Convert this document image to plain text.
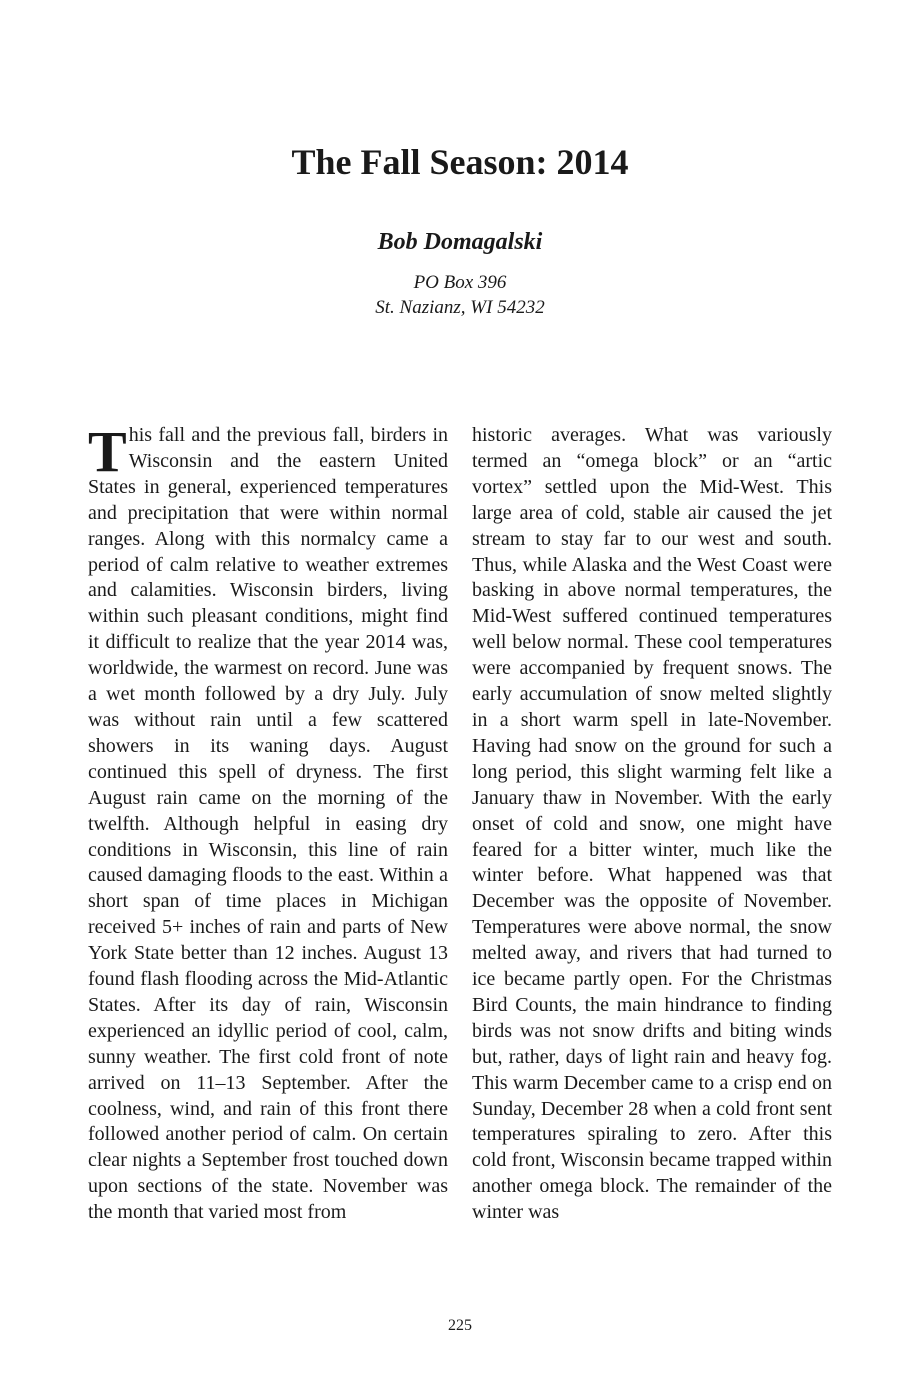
The Fall Season: 2014
Bob Domagalski

PO Box 396

St. Nazianz, WI 54232

This fall and the previous fall, birders in Wisconsin and the eastern United States in general, experienced temperatures and precipitation that were within normal ranges. Along with this normalcy came a period of calm relative to weather extremes and calamities. Wisconsin birders, living within such pleasant conditions, might find it difficult to realize that the year 2014 was, worldwide, the warmest on record. June was a wet month followed by a dry July. July was without rain until a few scattered showers in its waning days. August continued this spell of dryness. The first August rain came on the morning of the twelfth. Although helpful in easing dry conditions in Wisconsin, this line of rain caused damaging floods to the east. Within a short span of time places in Michigan received 5+ inches of rain and parts of New York State better than 12 inches. August 13 found flash flooding across the Mid-Atlantic States. After its day of rain, Wisconsin experienced an idyllic period of cool, calm, sunny weather. The first cold front of note arrived on 11–13 September. After the coolness, wind, and rain of this front there followed another period of calm. On certain clear nights a September frost touched down upon sections of the state. November was the month that varied most from

historic averages. What was variously termed an “omega block” or an “artic vortex” settled upon the Mid-West. This large area of cold, stable air caused the jet stream to stay far to our west and south. Thus, while Alaska and the West Coast were basking in above normal temperatures, the Mid-West suffered continued temperatures well below normal. These cool temperatures were accompanied by frequent snows. The early accumulation of snow melted slightly in a short warm spell in late-November. Having had snow on the ground for such a long period, this slight warming felt like a January thaw in November. With the early onset of cold and snow, one might have feared for a bitter winter, much like the winter before. What happened was that December was the opposite of November. Temperatures were above normal, the snow melted away, and rivers that had turned to ice became partly open. For the Christmas Bird Counts, the main hindrance to finding birds was not snow drifts and biting winds but, rather, days of light rain and heavy fog. This warm December came to a crisp end on Sunday, December 28 when a cold front sent temperatures spiraling to zero. After this cold front, Wisconsin became trapped within another omega block. The remainder of the winter was

225
